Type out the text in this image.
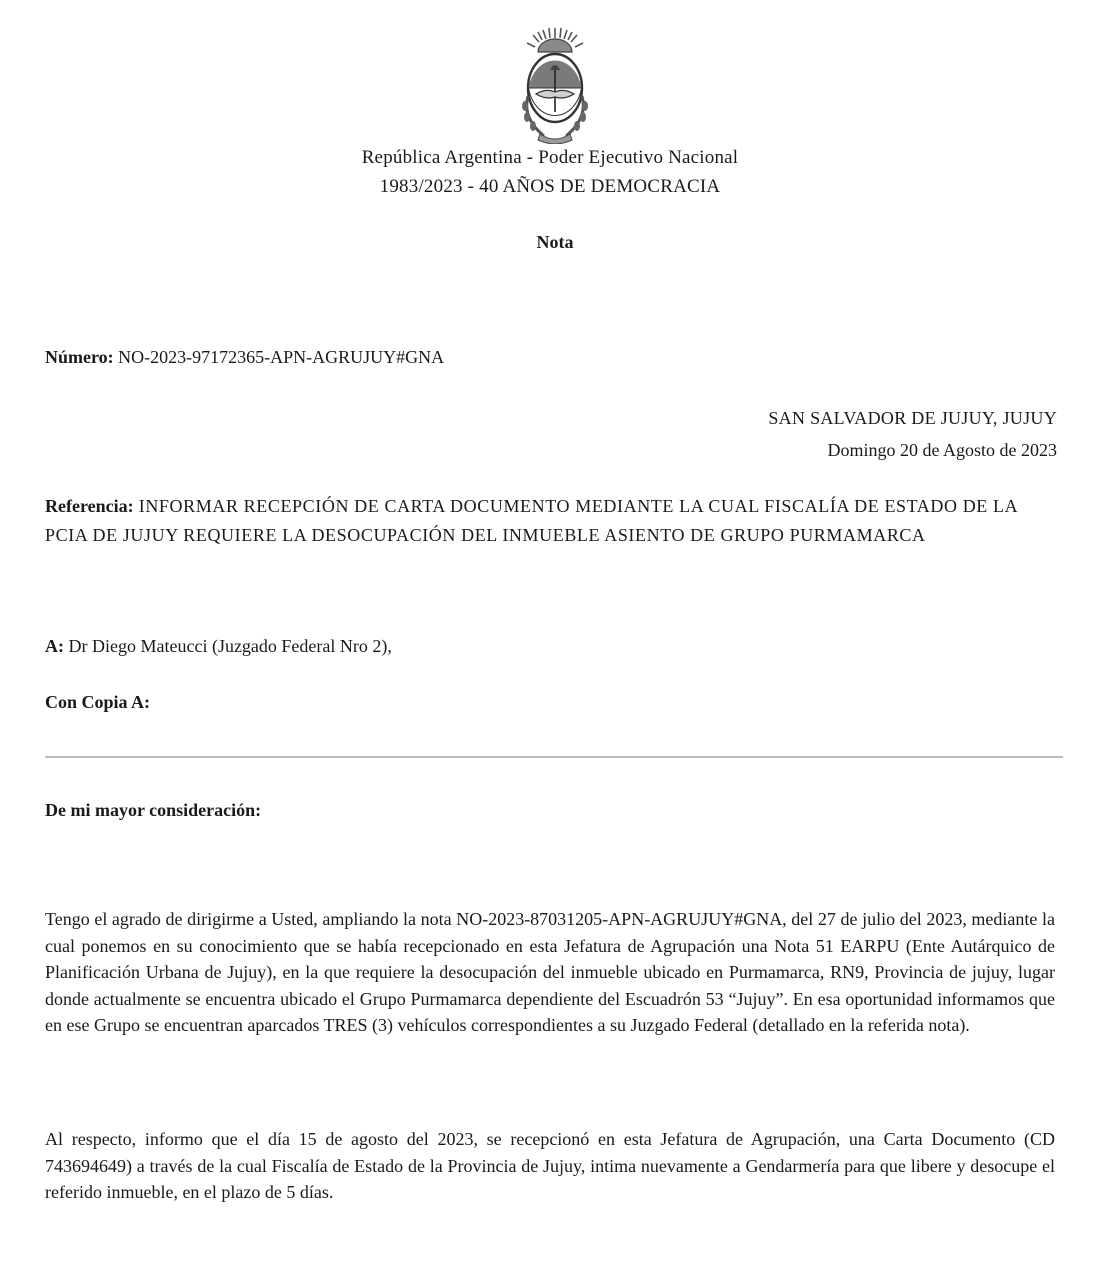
República Argentina - Poder Ejecutivo Nacional
1983/2023 - 40 AÑOS DE DEMOCRACIA
Nota
Número: NO-2023-97172365-APN-AGRUJUY#GNA
SAN SALVADOR DE JUJUY, JUJUY
Domingo 20 de Agosto de 2023
Referencia: INFORMAR RECEPCIÓN DE CARTA DOCUMENTO MEDIANTE LA CUAL FISCALÍA DE ESTADO DE LA PCIA DE JUJUY REQUIERE LA DESOCUPACIÓN DEL INMUEBLE ASIENTO DE GRUPO PURMAMARCA
A: Dr Diego Mateucci (Juzgado Federal Nro 2),
Con Copia A:
De mi mayor consideración:

Tengo el agrado de dirigirme a Usted, ampliando la nota NO-2023-87031205-APN-AGRUJUY#GNA, del 27 de julio del 2023, mediante la cual ponemos en su conocimiento que se había recepcionado en esta Jefatura de Agrupación una Nota 51 EARPU (Ente Autárquico de Planificación Urbana de Jujuy), en la que requiere la desocupación del inmueble ubicado en Purmamarca, RN9, Provincia de jujuy, lugar donde actualmente se encuentra ubicado el Grupo Purmamarca dependiente del Escuadrón 53 “Jujuy”. En esa oportunidad informamos que en ese Grupo se encuentran aparcados TRES (3) vehículos correspondientes a su Juzgado Federal (detallado en la referida nota).

Al respecto, informo que el día 15 de agosto del 2023, se recepcionó en esta Jefatura de Agrupación, una Carta Documento (CD 743694649) a través de la cual Fiscalía de Estado de la Provincia de Jujuy, intima nuevamente a Gendarmería para que libere y desocupe el referido inmueble, en el plazo de 5 días.
